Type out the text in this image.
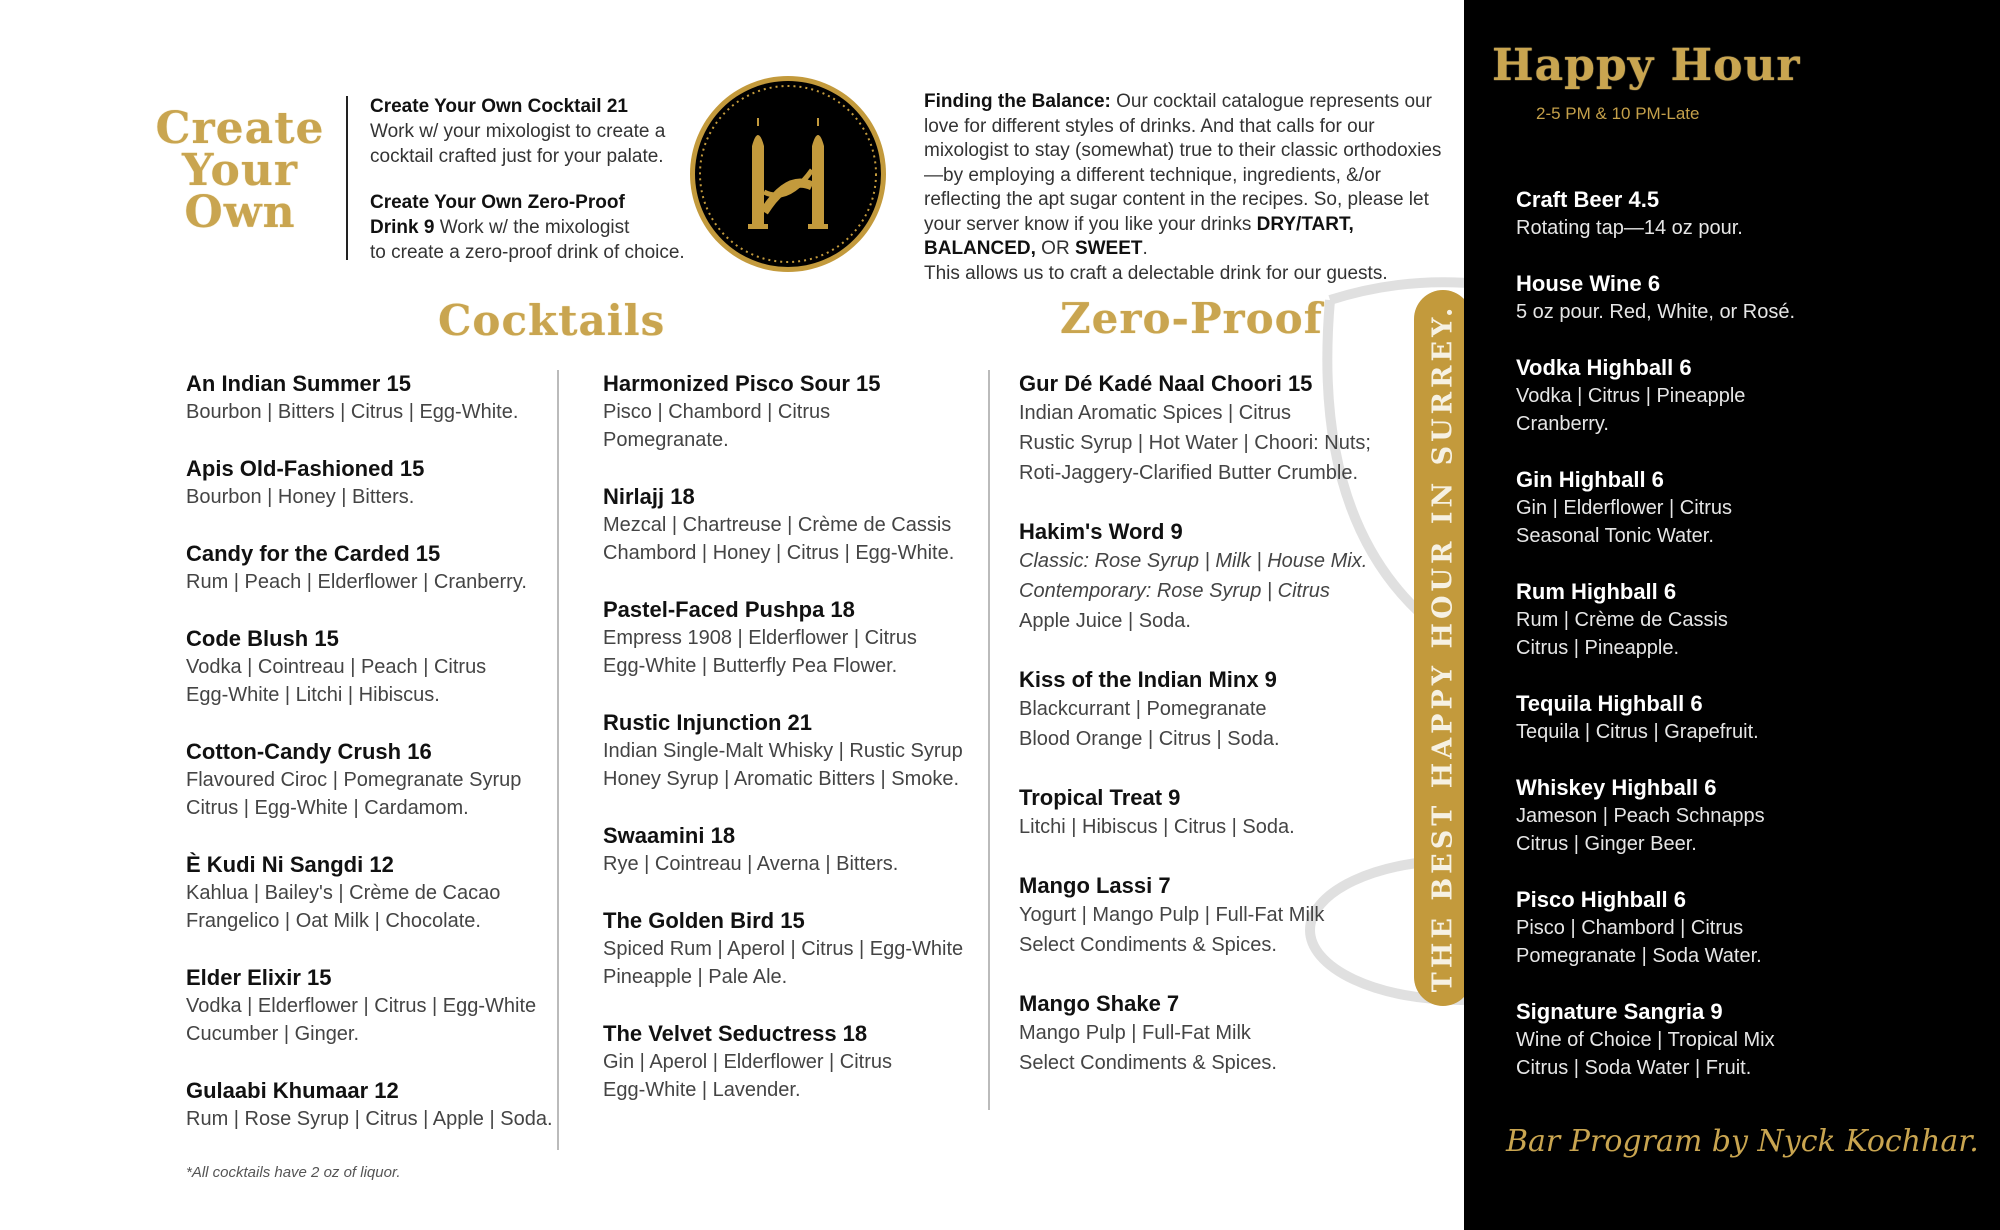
Create
Your
Own
Create Your Own Cocktail 21
Work w/ your mixologist to create a
cocktail crafted just for your palate.
Create Your Own Zero-Proof
Drink 9 Work w/ the mixologist
to create a zero-proof drink of choice.
Finding the Balance: Our cocktail catalogue represents our love for different styles of drinks. And that calls for our mixologist to stay (somewhat) true to their classic orthodoxies—by employing a different technique, ingredients, &/or reflecting the apt sugar content in the recipes. So, please let your server know if you like your drinks DRY/TART, BALANCED, OR SWEET.
This allows us to craft a delectable drink for our guests.
Cocktails	Zero-Proof
An Indian Summer 15
Bourbon | Bitters | Citrus | Egg-White.
Apis Old-Fashioned 15
Bourbon | Honey | Bitters.
Candy for the Carded 15
Rum | Peach | Elderflower | Cranberry.
Code Blush 15
Vodka | Cointreau | Peach | Citrus
Egg-White | Litchi | Hibiscus.
Cotton-Candy Crush 16
Flavoured Ciroc | Pomegranate Syrup
Citrus | Egg-White | Cardamom.
È Kudi Ni Sangdi 12
Kahlua | Bailey's | Crème de Cacao
Frangelico | Oat Milk | Chocolate.
Elder Elixir 15
Vodka | Elderflower | Citrus | Egg-White
Cucumber | Ginger.
Gulaabi Khumaar 12
Rum | Rose Syrup | Citrus | Apple | Soda.
Harmonized Pisco Sour 15
Pisco | Chambord | Citrus
Pomegranate.
Nirlajj 18
Mezcal | Chartreuse | Crème de Cassis
Chambord | Honey | Citrus | Egg-White.
Pastel-Faced Pushpa 18
Empress 1908 | Elderflower | Citrus
Egg-White | Butterfly Pea Flower.
Rustic Injunction 21
Indian Single-Malt Whisky | Rustic Syrup
Honey Syrup | Aromatic Bitters | Smoke.
Swaamini 18
Rye | Cointreau | Averna | Bitters.
The Golden Bird 15
Spiced Rum | Aperol | Citrus | Egg-White
Pineapple | Pale Ale.
The Velvet Seductress 18
Gin | Aperol | Elderflower | Citrus
Egg-White | Lavender.
Gur Dé Kadé Naal Choori 15
Indian Aromatic Spices | Citrus
Rustic Syrup | Hot Water | Choori: Nuts;
Roti-Jaggery-Clarified Butter Crumble.
Hakim's Word 9
Classic: Rose Syrup | Milk | House Mix.
Contemporary: Rose Syrup | Citrus
Apple Juice | Soda.
Kiss of the Indian Minx 9
Blackcurrant | Pomegranate
Blood Orange | Citrus | Soda.
Tropical Treat 9
Litchi | Hibiscus | Citrus | Soda.
Mango Lassi 7
Yogurt | Mango Pulp | Full-Fat Milk
Select Condiments & Spices.
Mango Shake 7
Mango Pulp | Full-Fat Milk
Select Condiments & Spices.
*All cocktails have 2 oz of liquor.
THE BEST HAPPY HOUR IN SURREY.
Happy Hour
2-5 PM & 10 PM-Late
Craft Beer 4.5
Rotating tap—14 oz pour.
House Wine 6
5 oz pour. Red, White, or Rosé.
Vodka Highball 6
Vodka | Citrus | Pineapple
Cranberry.
Gin Highball 6
Gin | Elderflower | Citrus
Seasonal Tonic Water.
Rum Highball 6
Rum | Crème de Cassis
Citrus | Pineapple.
Tequila Highball 6
Tequila | Citrus | Grapefruit.
Whiskey Highball 6
Jameson | Peach Schnapps
Citrus | Ginger Beer.
Pisco Highball 6
Pisco | Chambord | Citrus
Pomegranate | Soda Water.
Signature Sangria 9
Wine of Choice | Tropical Mix
Citrus | Soda Water | Fruit.
Bar Program by Nyck Kochhar.
